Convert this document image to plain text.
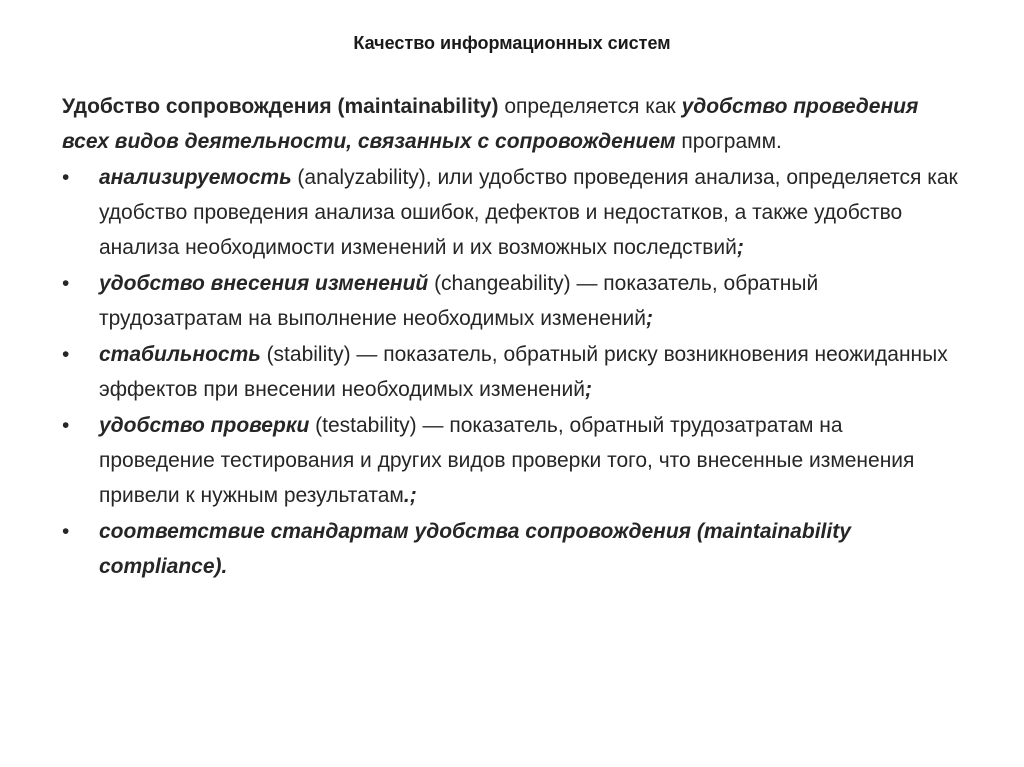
Качество информационных систем

Удобство сопровождения (maintainability) определяется как удобство проведения всех видов деятельности, связанных с сопровождением программ.

• анализируемость (analyzability), или удобство проведения анализа, определяется как удобство проведения анализа ошибок, дефектов и недостатков, а также удобство анализа необходимости изменений и их возможных последствий;
• удобство внесения изменений (changeability) — показатель, обратный трудозатратам на выполнение необходимых изменений;
• стабильность (stability) — показатель, обратный риску возникновения неожиданных эффектов при внесении необходимых изменений;
• удобство проверки (testability) — показатель, обратный трудозатратам на проведение тестирования и других видов проверки того, что внесенные изменения привели к нужным результатам.;
• соответствие стандартам удобства сопровождения (maintainability compliance).
